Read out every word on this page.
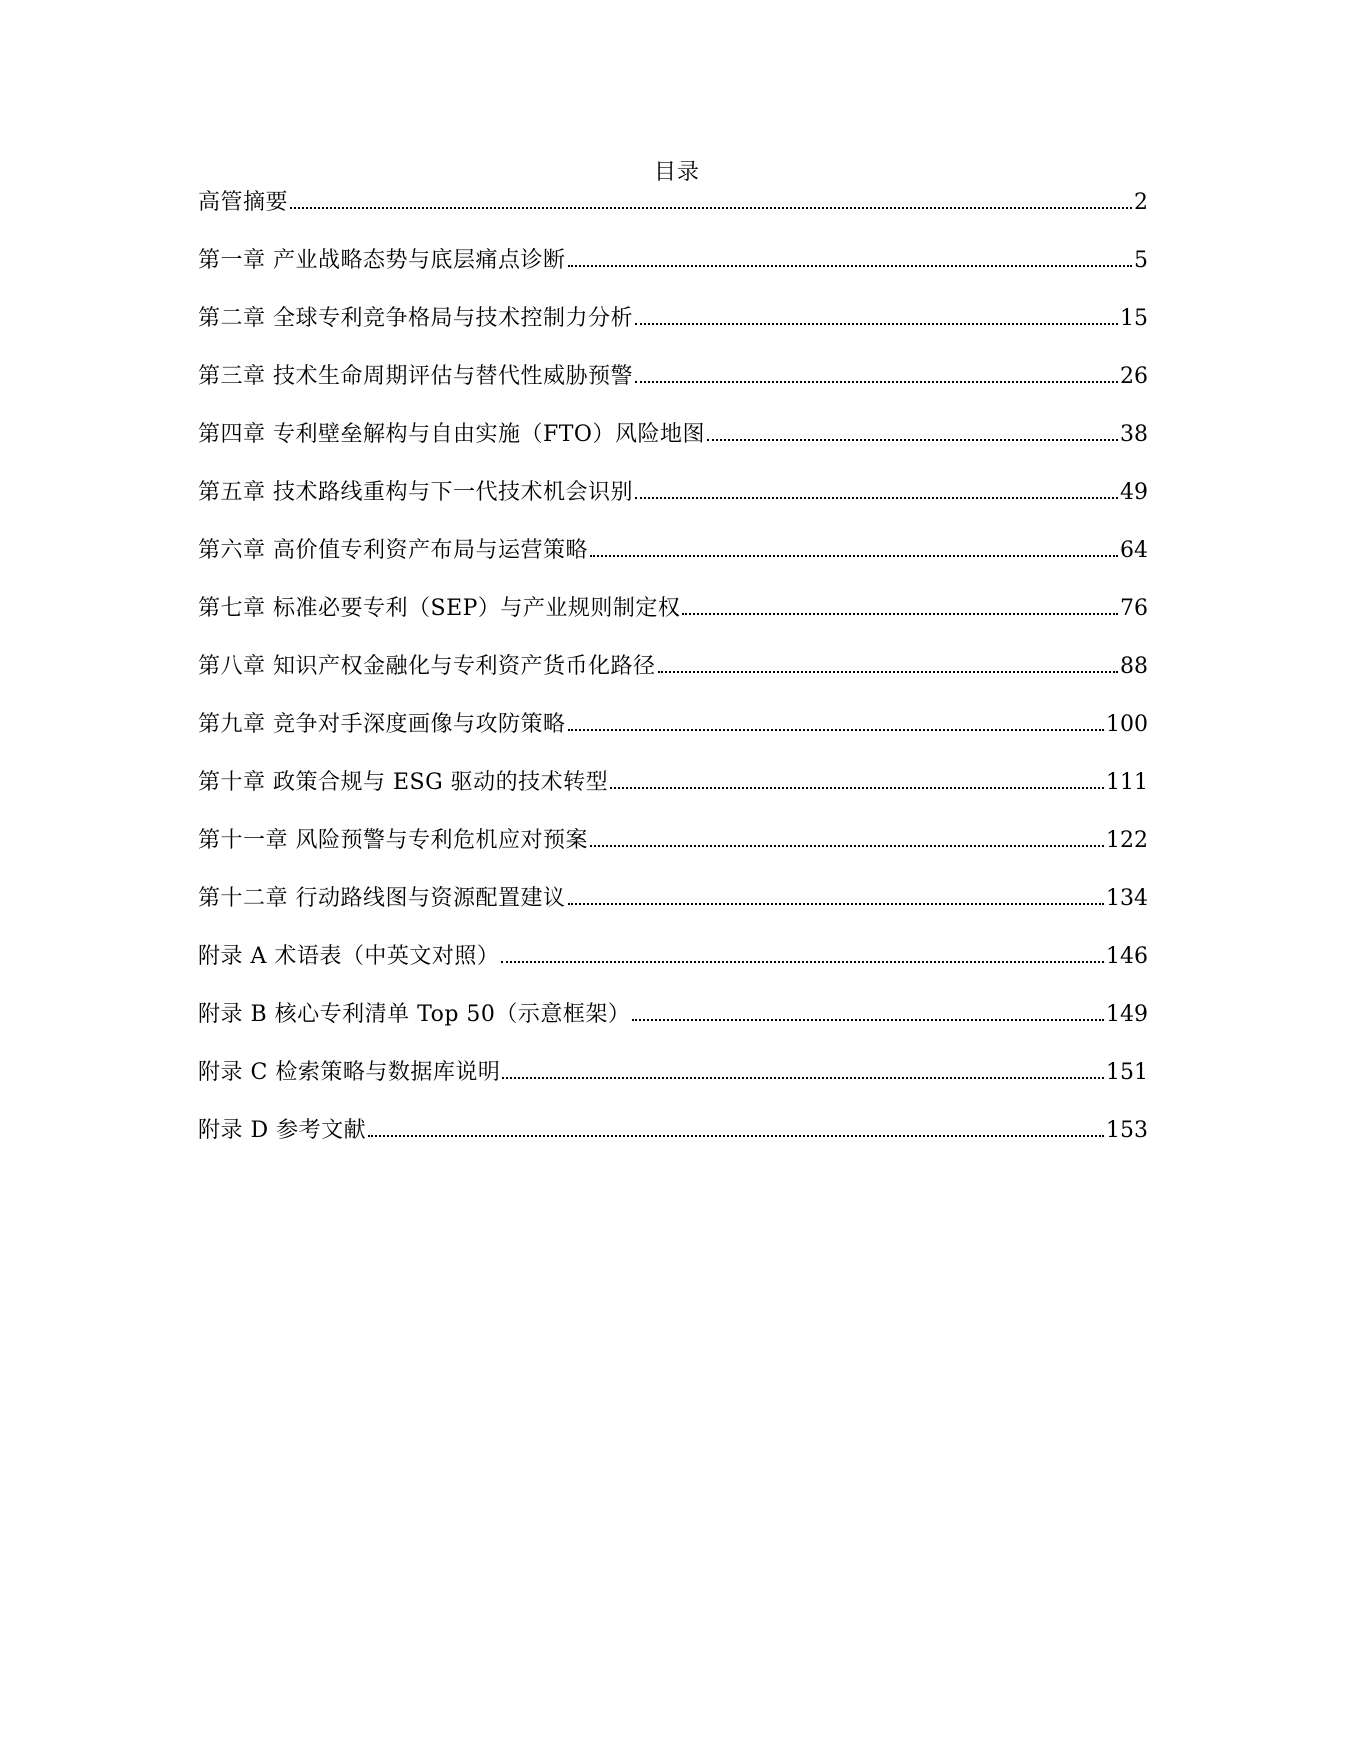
目录
高管摘要	2
第一章 产业战略态势与底层痛点诊断	5
第二章 全球专利竞争格局与技术控制力分析	15
第三章 技术生命周期评估与替代性威胁预警	26
第四章 专利壁垒解构与自由实施（FTO）风险地图	38
第五章 技术路线重构与下一代技术机会识别	49
第六章 高价值专利资产布局与运营策略	64
第七章 标准必要专利（SEP）与产业规则制定权	76
第八章 知识产权金融化与专利资产货币化路径	88
第九章 竞争对手深度画像与攻防策略	100
第十章 政策合规与 ESG 驱动的技术转型	111
第十一章 风险预警与专利危机应对预案	122
第十二章 行动路线图与资源配置建议	134
附录 A 术语表（中英文对照）	146
附录 B 核心专利清单 Top 50（示意框架）	149
附录 C 检索策略与数据库说明	151
附录 D 参考文献	153
